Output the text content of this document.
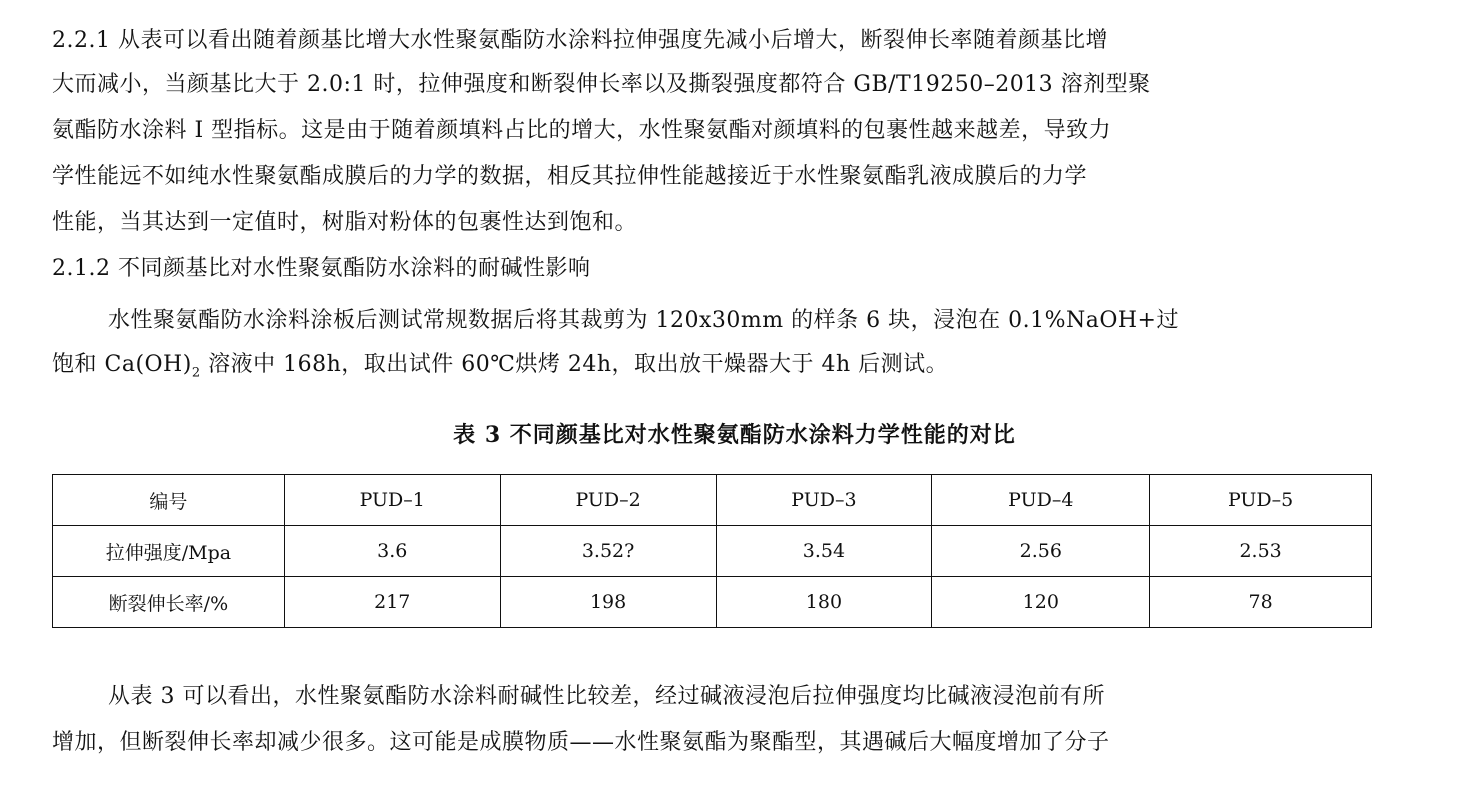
2.2.1 从表可以看出随着颜基比增大水性聚氨酯防水涂料拉伸强度先减小后增大，断裂伸长率随着颜基比增
大而减小，当颜基比大于 2.0:1 时，拉伸强度和断裂伸长率以及撕裂强度都符合 GB/T19250–2013 溶剂型聚
氨酯防水涂料 I 型指标。这是由于随着颜填料占比的增大，水性聚氨酯对颜填料的包裹性越来越差，导致力
学性能远不如纯水性聚氨酯成膜后的力学的数据，相反其拉伸性能越接近于水性聚氨酯乳液成膜后的力学
性能，当其达到一定值时，树脂对粉体的包裹性达到饱和。
2.1.2 不同颜基比对水性聚氨酯防水涂料的耐碱性影响
水性聚氨酯防水涂料涂板后测试常规数据后将其裁剪为 120x30mm 的样条 6 块，浸泡在 0.1%NaOH+过
饱和 $Ca(OH)_2$ 溶液中 168h，取出试件 60℃烘烤 24h，取出放干燥器大于 4h 后测试。
表 3 不同颜基比对水性聚氨酯防水涂料力学性能的对比
编号	PUD–1	PUD–2	PUD–3	PUD–4	PUD–5
拉伸强度/Mpa	3.6	3.52?	3.54	2.56	2.53
断裂伸长率/%	217	198	180	120	78
从表 3 可以看出，水性聚氨酯防水涂料耐碱性比较差，经过碱液浸泡后拉伸强度均比碱液浸泡前有所
增加，但断裂伸长率却减少很多。这可能是成膜物质——水性聚氨酯为聚酯型，其遇碱后大幅度增加了分子
